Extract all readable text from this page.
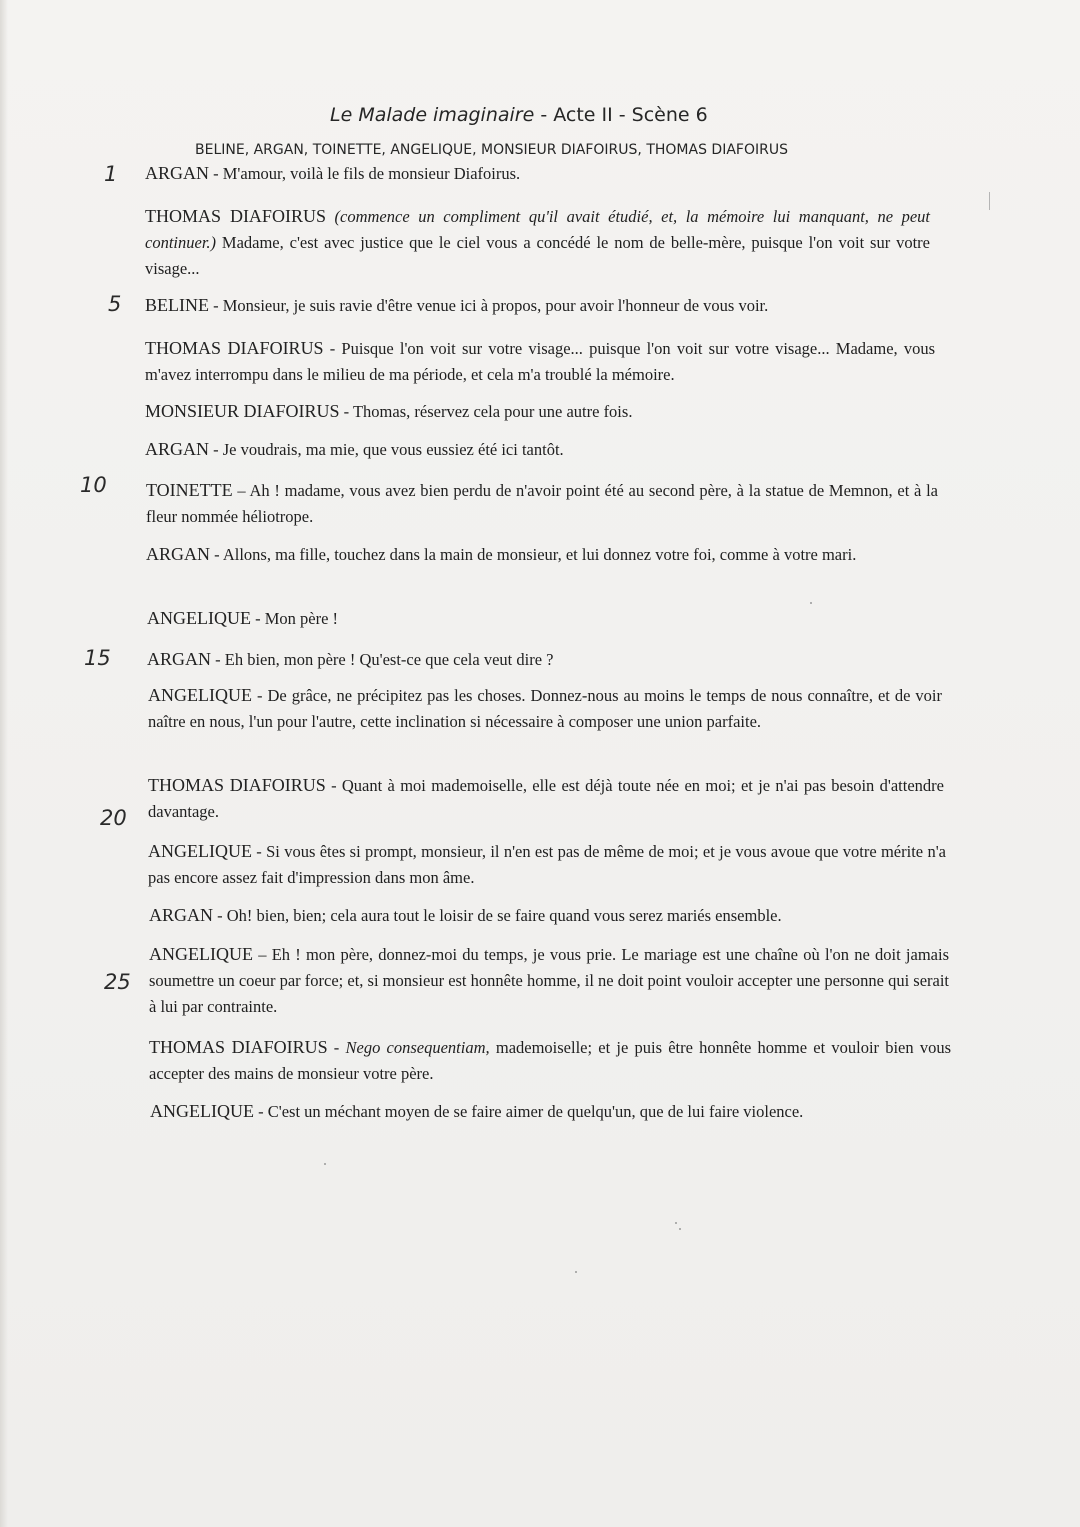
Le Malade imaginaire - Acte II - Scène 6
BELINE, ARGAN, TOINETTE, ANGELIQUE, MONSIEUR DIAFOIRUS, THOMAS DIAFOIRUS
1
5
10
15
20
25
ARGAN - M'amour, voilà le fils de monsieur Diafoirus.
THOMAS DIAFOIRUS (commence un compliment qu'il avait étudié, et, la mémoire lui manquant, ne peut continuer.) Madame, c'est avec justice que le ciel vous a concédé le nom de belle-mère, puisque l'on voit sur votre visage...
BELINE - Monsieur, je suis ravie d'être venue ici à propos, pour avoir l'honneur de vous voir.
THOMAS DIAFOIRUS - Puisque l'on voit sur votre visage... puisque l'on voit sur votre visage... Madame, vous m'avez interrompu dans le milieu de ma période, et cela m'a troublé la mémoire.
MONSIEUR DIAFOIRUS - Thomas, réservez cela pour une autre fois.
ARGAN - Je voudrais, ma mie, que vous eussiez été ici tantôt.
TOINETTE – Ah ! madame, vous avez bien perdu de n'avoir point été au second père, à la statue de Memnon, et à la fleur nommée héliotrope.
ARGAN - Allons, ma fille, touchez dans la main de monsieur, et lui donnez votre foi, comme à votre mari.
ANGELIQUE - Mon père !
ARGAN - Eh bien, mon père ! Qu'est-ce que cela veut dire ?
ANGELIQUE - De grâce, ne précipitez pas les choses. Donnez-nous au moins le temps de nous connaître, et de voir naître en nous, l'un pour l'autre, cette inclination si nécessaire à composer une union parfaite.
THOMAS DIAFOIRUS - Quant à moi mademoiselle, elle est déjà toute née en moi; et je n'ai pas besoin d'attendre davantage.
ANGELIQUE - Si vous êtes si prompt, monsieur, il n'en est pas de même de moi; et je vous avoue que votre mérite n'a pas encore assez fait d'impression dans mon âme.
ARGAN - Oh! bien, bien; cela aura tout le loisir de se faire quand vous serez mariés ensemble.
ANGELIQUE – Eh ! mon père, donnez-moi du temps, je vous prie. Le mariage est une chaîne où l'on ne doit jamais soumettre un coeur par force; et, si monsieur est honnête homme, il ne doit point vouloir accepter une personne qui serait à lui par contrainte.
THOMAS DIAFOIRUS - Nego consequentiam, mademoiselle; et je puis être honnête homme et vouloir bien vous accepter des mains de monsieur votre père.
ANGELIQUE - C'est un méchant moyen de se faire aimer de quelqu'un, que de lui faire violence.
